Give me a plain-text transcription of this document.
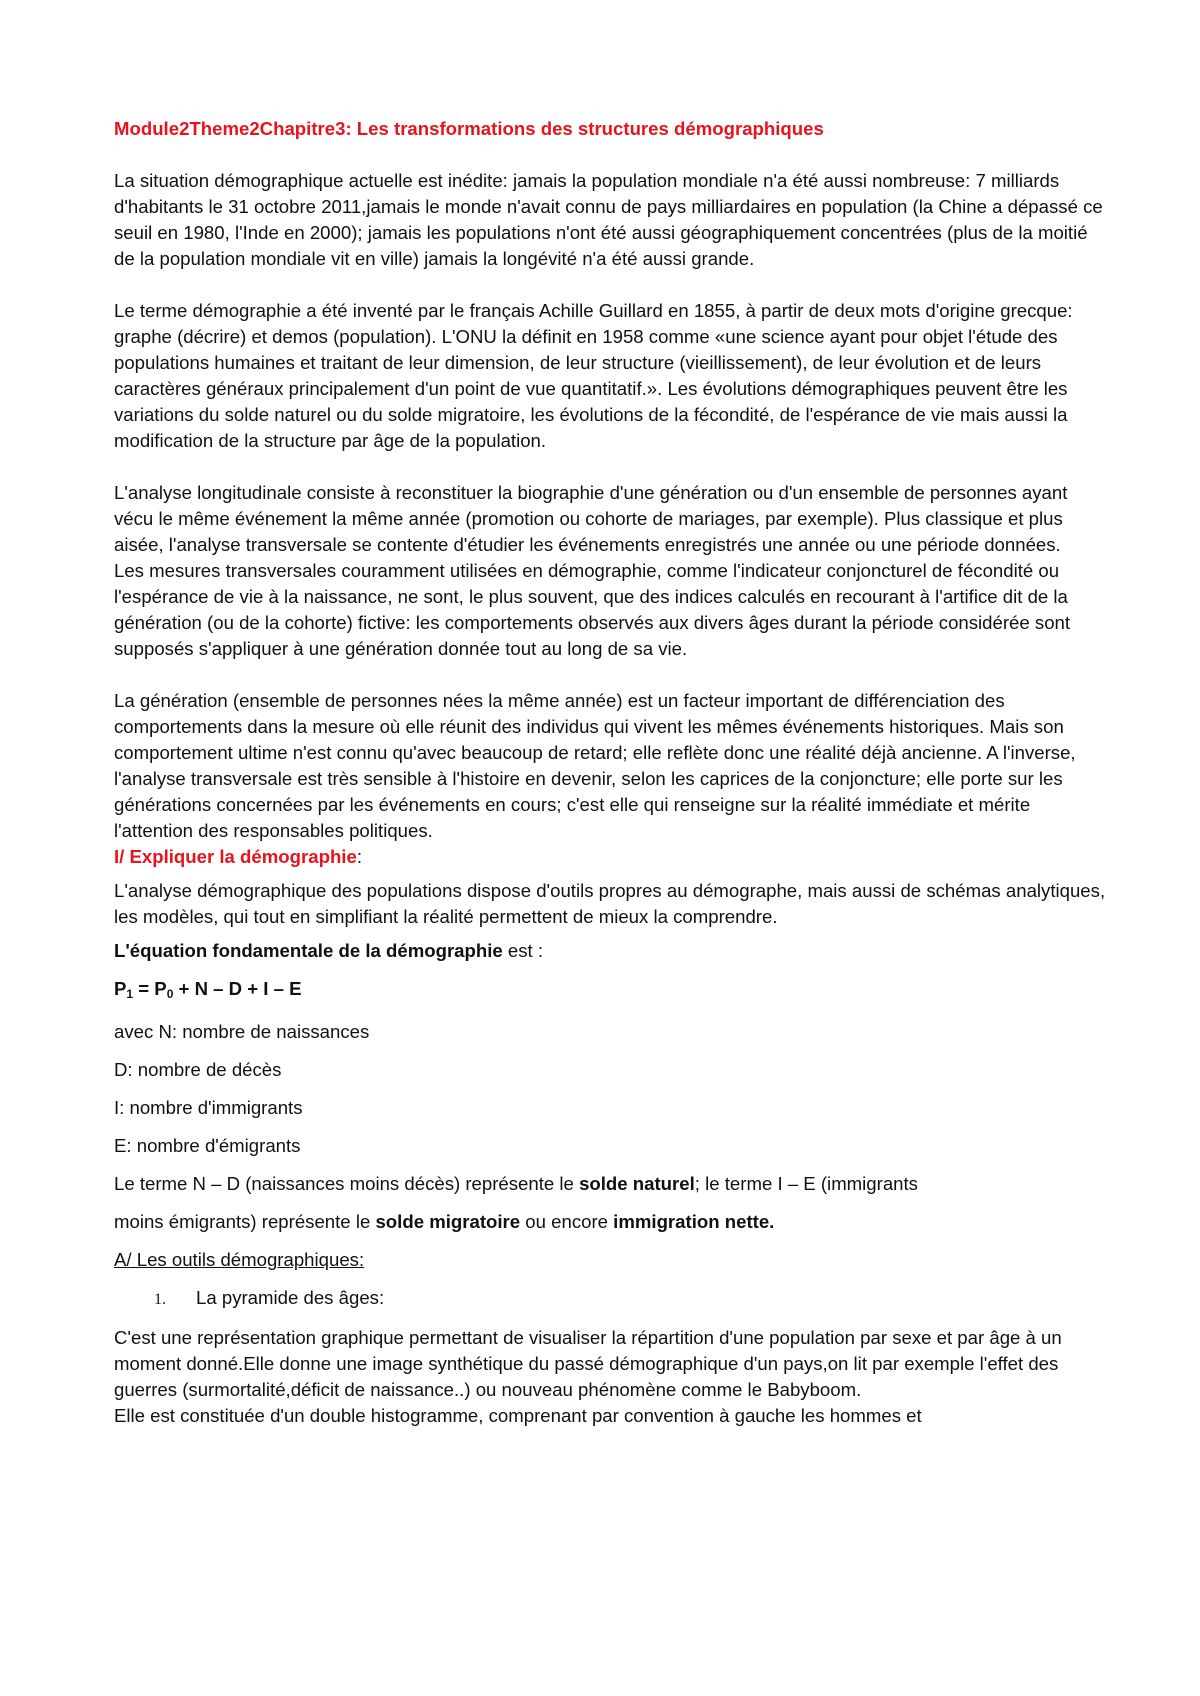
Module2Theme2Chapitre3: Les transformations des structures démographiques

La situation démographique actuelle est inédite: jamais la population mondiale n'a été aussi nombreuse: 7 milliards d'habitants le 31 octobre 2011,jamais le monde n'avait connu de pays milliardaires en population (la Chine a dépassé ce seuil en 1980, l'Inde en 2000); jamais les populations n'ont été aussi géographiquement concentrées (plus de la moitié de la population mondiale vit en ville) jamais la longévité n'a été aussi grande.

Le terme démographie a été inventé par le français Achille Guillard en 1855, à partir de deux mots d'origine grecque: graphe (décrire) et demos (population). L'ONU la définit en 1958 comme «une science ayant pour objet l'étude des populations humaines et traitant de leur dimension, de leur structure (vieillissement), de leur évolution et de leurs caractères généraux principalement d'un point de vue quantitatif.». Les évolutions démographiques peuvent être les variations du solde naturel ou du solde migratoire, les évolutions de la fécondité, de l'espérance de vie mais aussi la modification de la structure par âge de la population.

L'analyse longitudinale consiste à reconstituer la biographie d'une génération ou d'un ensemble de personnes ayant vécu le même événement la même année (promotion ou cohorte de mariages, par exemple). Plus classique et plus aisée, l'analyse transversale se contente d'étudier les événements enregistrés une année ou une période données.

Les mesures transversales couramment utilisées en démographie, comme l'indicateur conjoncturel de fécondité ou l'espérance de vie à la naissance, ne sont, le plus souvent, que des indices calculés en recourant à l'artifice dit de la génération (ou de la cohorte) fictive: les comportements observés aux divers âges durant la période considérée sont supposés s'appliquer à une génération donnée tout au long de sa vie.

La génération (ensemble de personnes nées la même année) est un facteur important de différenciation des comportements dans la mesure où elle réunit des individus qui vivent les mêmes événements historiques. Mais son comportement ultime n'est connu qu'avec beaucoup de retard; elle reflète donc une réalité déjà ancienne. A l'inverse, l'analyse transversale est très sensible à l'histoire en devenir, selon les caprices de la conjoncture; elle porte sur les générations concernées par les événements en cours; c'est elle qui renseigne sur la réalité immédiate et mérite l'attention des responsables politiques.

I/ Expliquer la démographie:

L'analyse démographique des populations dispose d'outils propres au démographe, mais aussi de schémas analytiques, les modèles, qui tout en simplifiant la réalité permettent de mieux la comprendre.

L'équation fondamentale de la démographie est :

$P_1 = P_0 + N - D + I - E$

avec N: nombre de naissances

D: nombre de décès

I: nombre d'immigrants

E: nombre d'émigrants

Le terme N – D (naissances moins décès) représente le solde naturel; le terme I – E (immigrants

moins émigrants) représente le solde migratoire ou encore immigration nette.

A/ Les outils démographiques:

1.	La pyramide des âges:

C'est une représentation graphique permettant de visualiser la répartition d'une population par sexe et par âge à un moment donné.Elle donne une image synthétique du passé démographique d'un pays,on lit par exemple l'effet des guerres (surmortalité,déficit de naissance..) ou nouveau phénomène comme le Babyboom.

Elle est constituée d'un double histogramme, comprenant par convention à gauche les hommes et
